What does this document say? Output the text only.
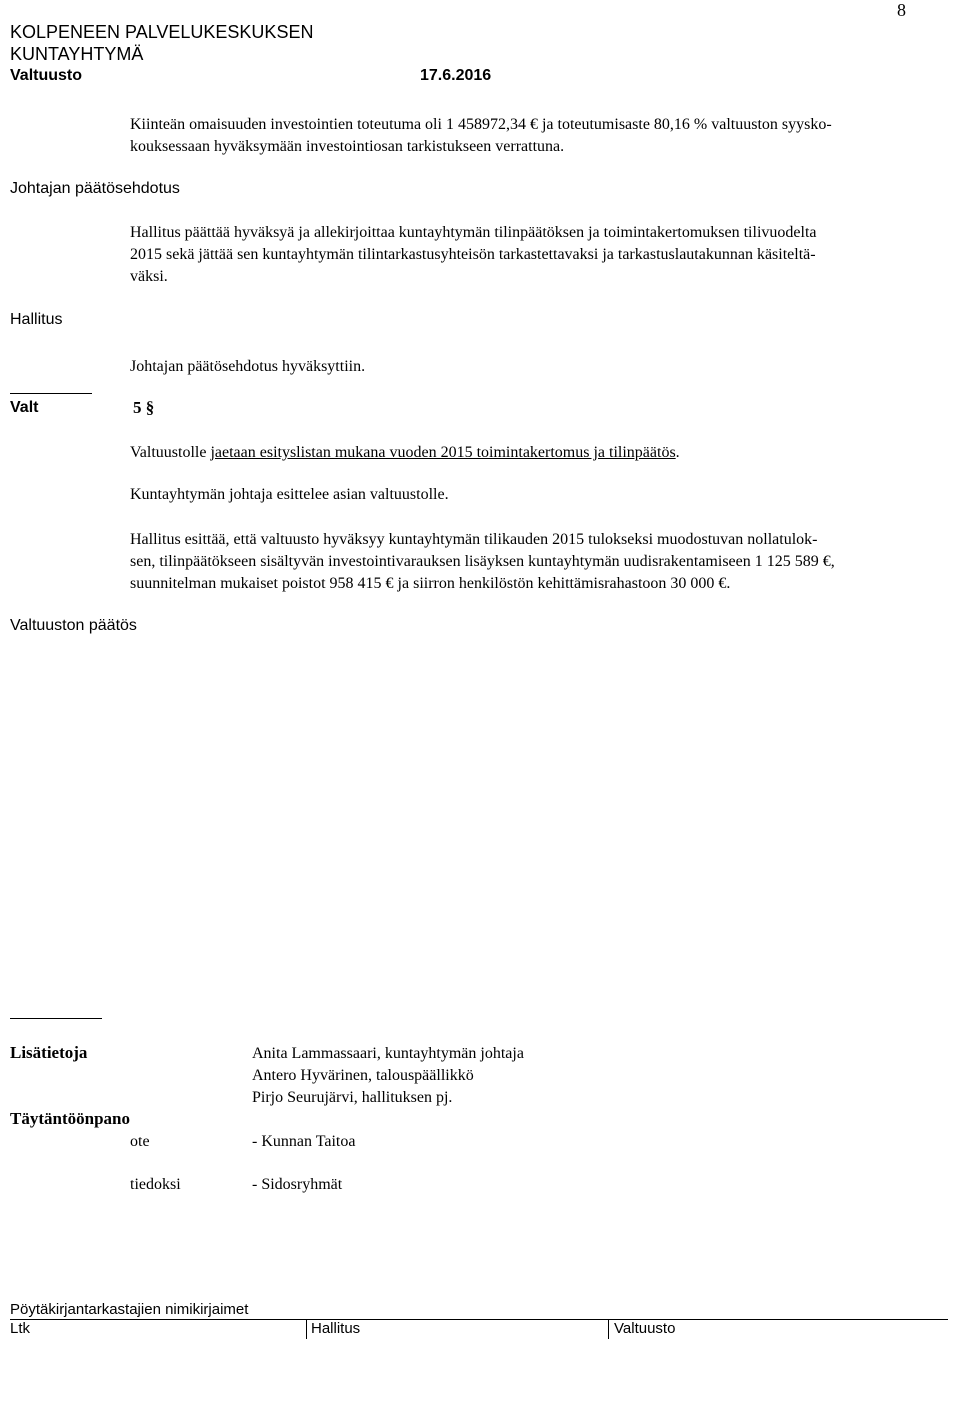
8
KOLPENEEN PALVELUKESKUKSEN
KUNTAYHTYMÄ
Valtuusto	17.6.2016
Kiinteän omaisuuden investointien toteutuma oli 1 458972,34 € ja toteutumisaste 80,16 % valtuuston syysko-
kouksessaan hyväksymään investointiosan tarkistukseen verrattuna.
Johtajan päätösehdotus
Hallitus päättää hyväksyä ja allekirjoittaa kuntayhtymän tilinpäätöksen ja toimintakertomuksen tilivuodelta
2015 sekä jättää sen kuntayhtymän tilintarkastusyhteisön tarkastettavaksi ja tarkastuslautakunnan käsiteltä-
väksi.
Hallitus
Johtajan päätösehdotus hyväksyttiin.
Valt	5 §
Valtuustolle jaetaan esityslistan mukana vuoden 2015 toimintakertomus ja tilinpäätös.
Kuntayhtymän johtaja esittelee asian valtuustolle.
Hallitus esittää, että valtuusto hyväksyy kuntayhtymän tilikauden 2015 tulokseksi muodostuvan nollatulok-
sen, tilinpäätökseen sisältyvän investointivarauksen lisäyksen kuntayhtymän uudisrakentamiseen 1 125 589 €,
suunnitelman mukaiset poistot 958 415 € ja siirron henkilöstön kehittämisrahastoon 30 000 €.
Valtuuston päätös
Lisätietoja	Anita Lammassaari, kuntayhtymän johtaja
Antero Hyvärinen, talouspäällikkö
Pirjo Seurujärvi, hallituksen pj.
Täytäntöönpano
ote	- Kunnan Taitoa
tiedoksi	- Sidosryhmät
Pöytäkirjantarkastajien nimikirjaimet
Ltk	Hallitus	Valtuusto
